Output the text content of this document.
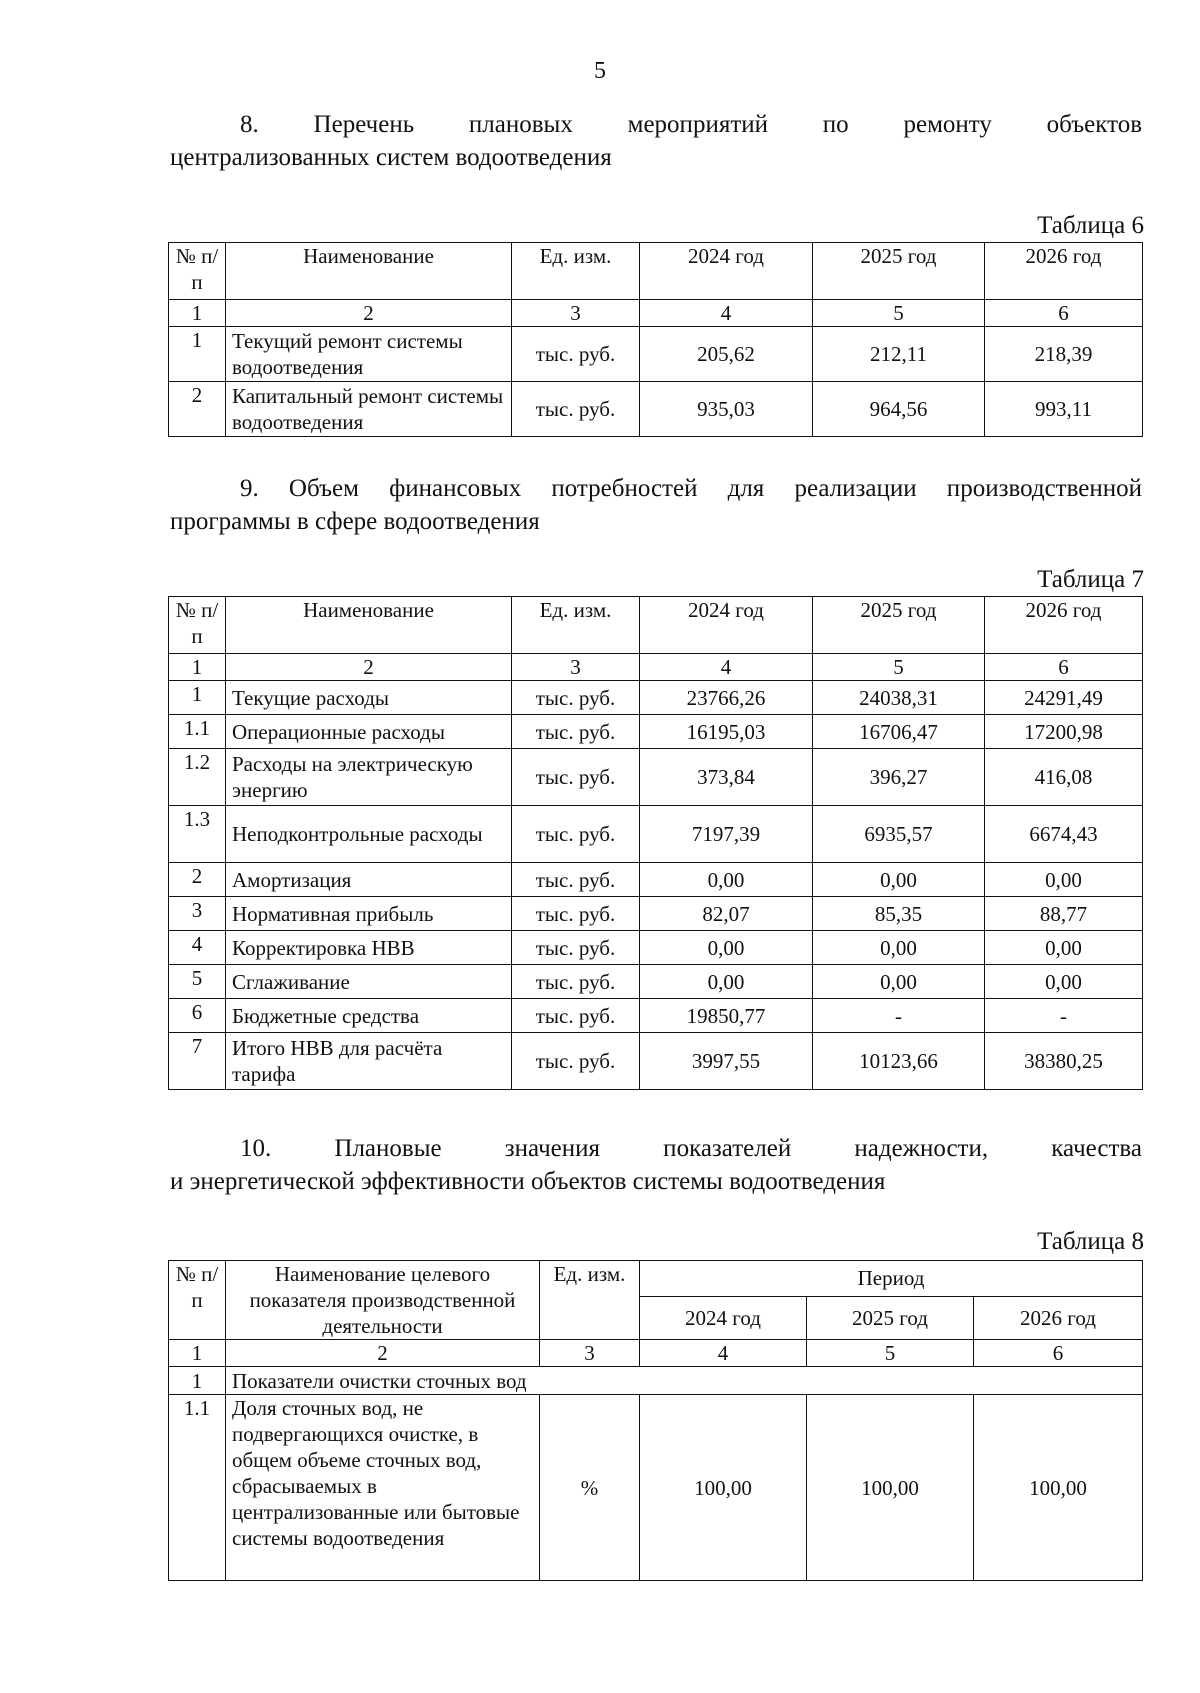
5
8. Перечень плановых мероприятий по ремонту объектов
централизованных систем водоотведения
Таблица 6
№ п/п	Наименование	Ед. изм.	2024 год	2025 год	2026 год
1	2	3	4	5	6
1	Текущий ремонт системы водоотведения	тыс. руб.	205,62	212,11	218,39
2	Капитальный ремонт системы водоотведения	тыс. руб.	935,03	964,56	993,11
9. Объем финансовых потребностей для реализации производственной
программы в сфере водоотведения
Таблица 7
№ п/п	Наименование	Ед. изм.	2024 год	2025 год	2026 год
1	2	3	4	5	6
1	Текущие расходы	тыс. руб.	23766,26	24038,31	24291,49
1.1	Операционные расходы	тыс. руб.	16195,03	16706,47	17200,98
1.2	Расходы на электрическую энергию	тыс. руб.	373,84	396,27	416,08
1.3	Неподконтрольные расходы	тыс. руб.	7197,39	6935,57	6674,43
2	Амортизация	тыс. руб.	0,00	0,00	0,00
3	Нормативная прибыль	тыс. руб.	82,07	85,35	88,77
4	Корректировка НВВ	тыс. руб.	0,00	0,00	0,00
5	Сглаживание	тыс. руб.	0,00	0,00	0,00
6	Бюджетные средства	тыс. руб.	19850,77	-	-
7	Итого НВВ для расчёта тарифа	тыс. руб.	3997,55	10123,66	38380,25
10. Плановые значения показателей надежности, качества
и энергетической эффективности объектов системы водоотведения
Таблица 8
№ п/п	Наименование целевого показателя производственной деятельности	Ед. изм.	Период		
			2024 год	2025 год	2026 год
1	2	3	4	5	6
1	Показатели очистки сточных вод				
1.1	Доля сточных вод, не подвергающихся очистке, в общем объеме сточных вод, сбрасываемых в централизованные или бытовые системы водоотведения	%	100,00	100,00	100,00
